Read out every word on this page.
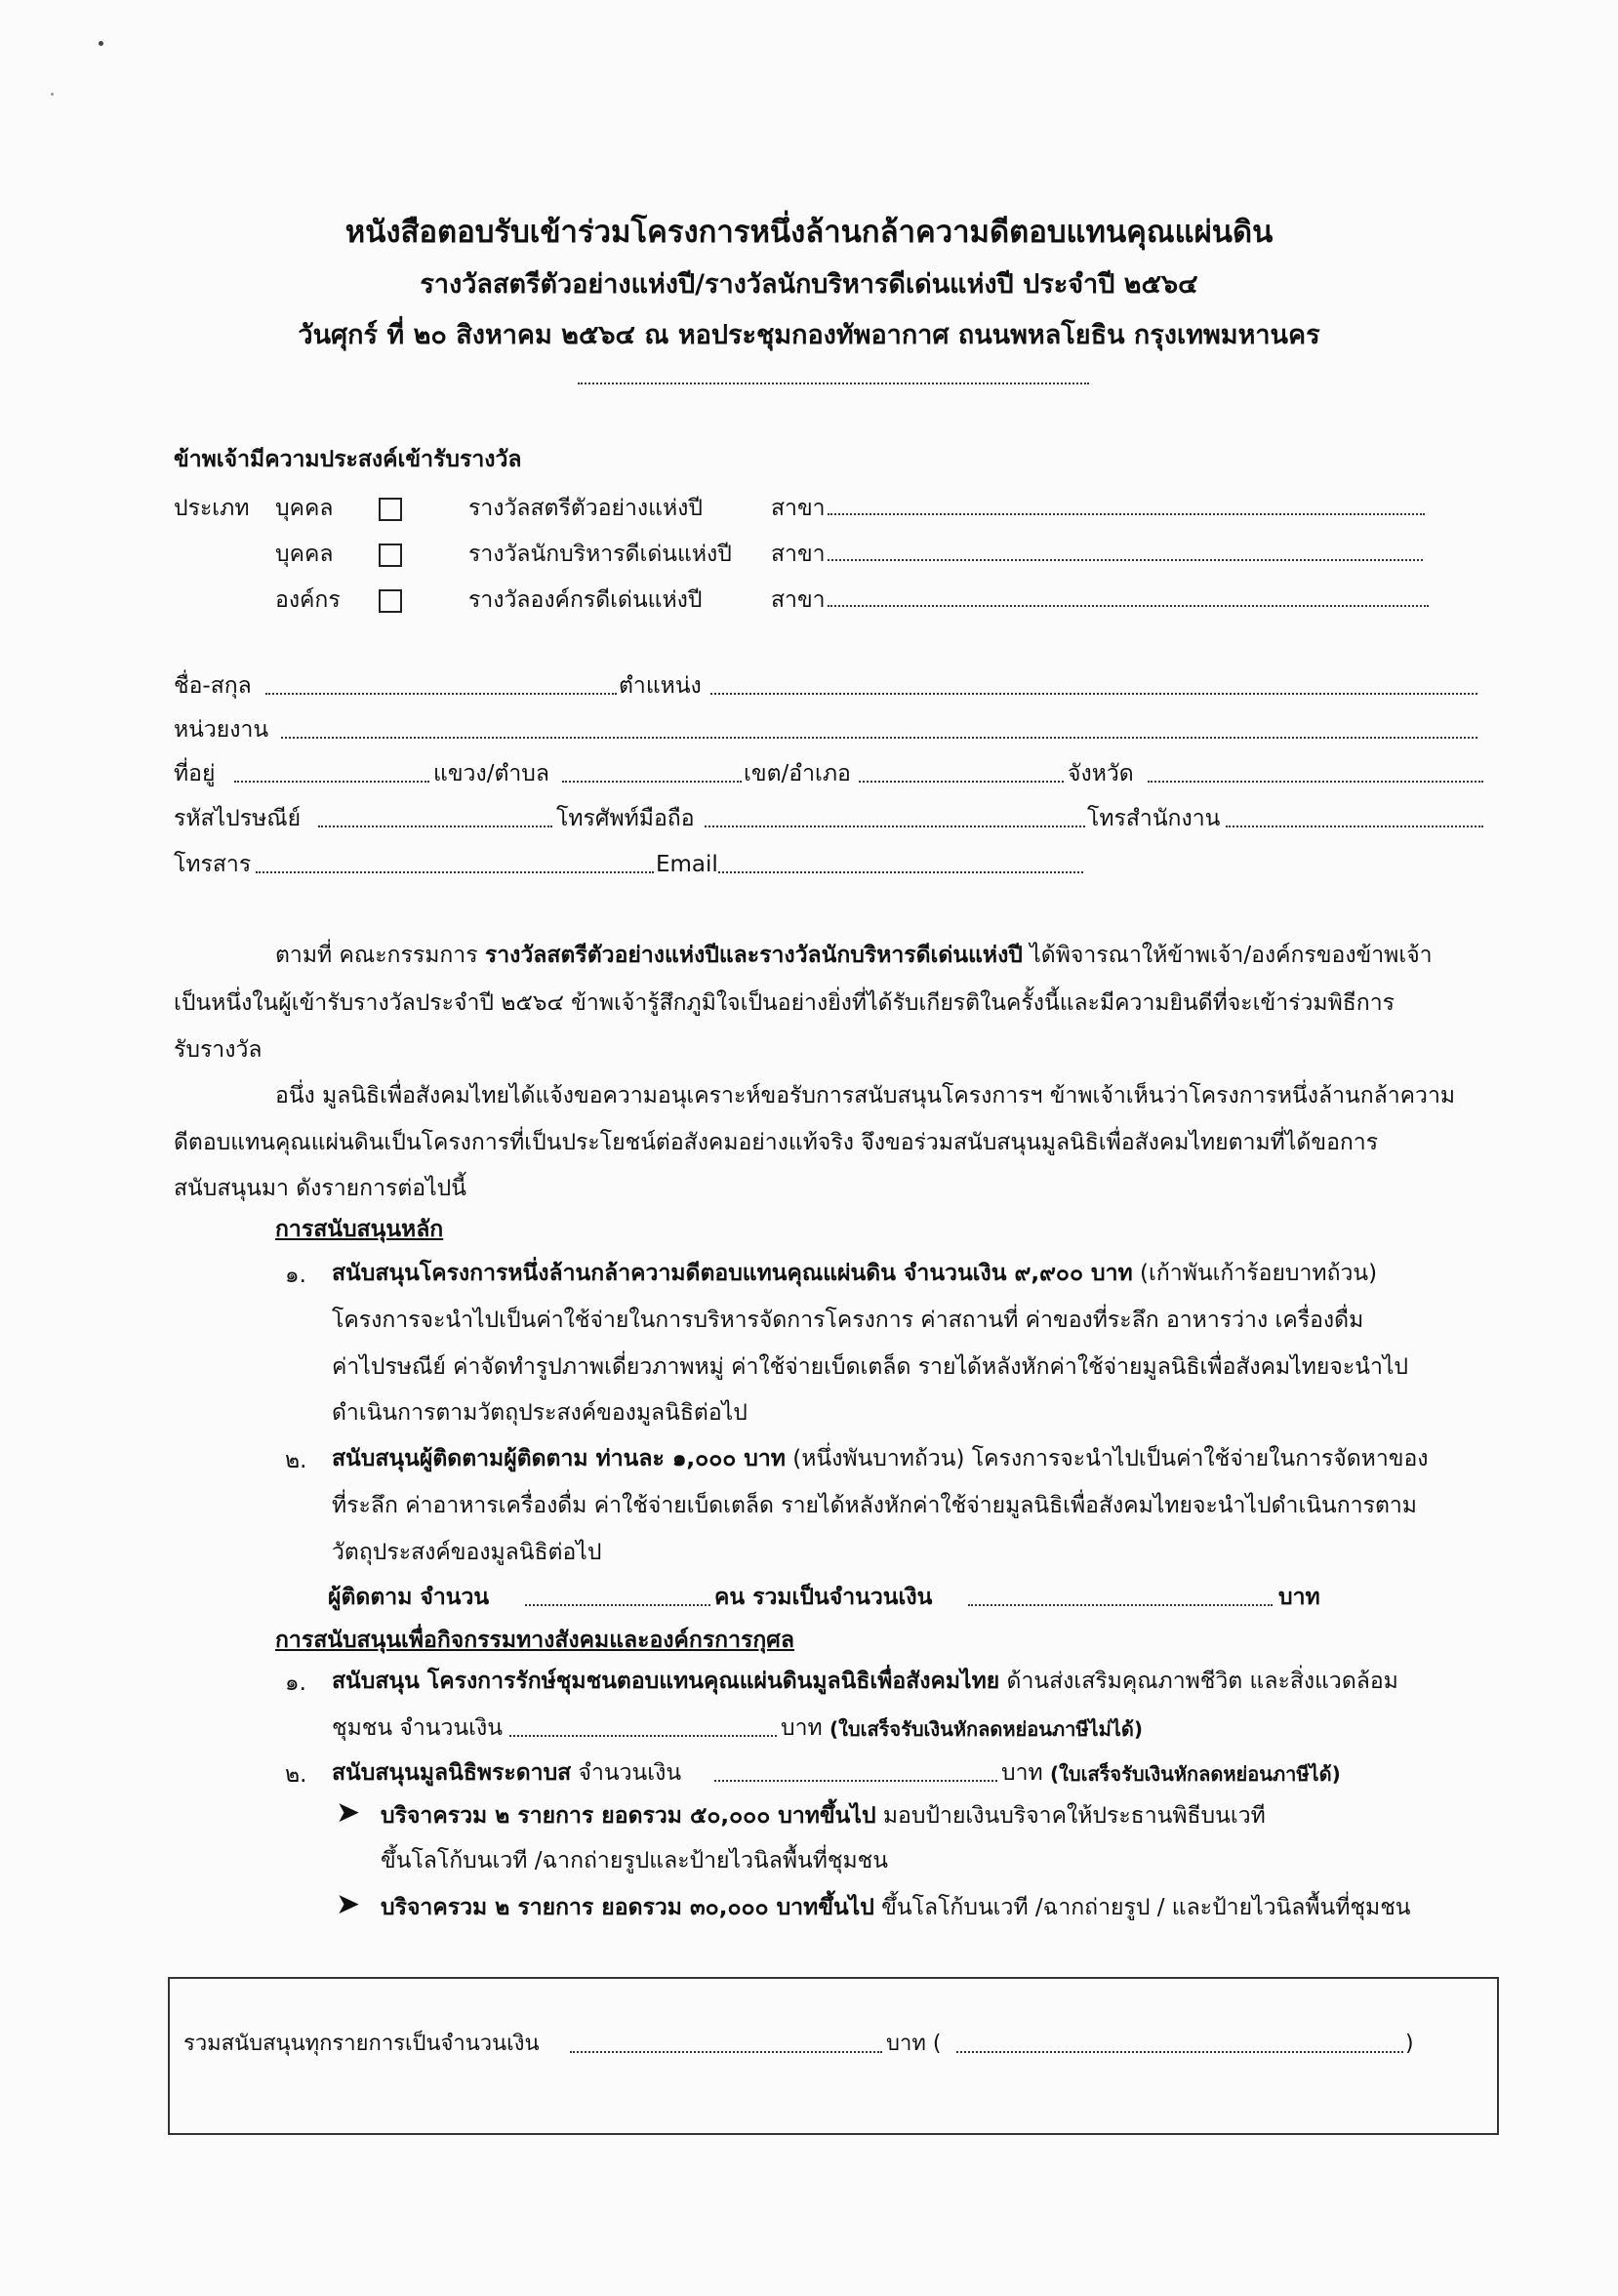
หนังสือตอบรับเข้าร่วมโครงการหนึ่งล้านกล้าความดีตอบแทนคุณแผ่นดิน
รางวัลสตรีตัวอย่างแห่งปี/รางวัลนักบริหารดีเด่นแห่งปี ประจำปี ๒๕๖๔
วันศุกร์ ที่ ๒๐ สิงหาคม ๒๕๖๔ ณ หอประชุมกองทัพอากาศ ถนนพหลโยธิน กรุงเทพมหานคร
ข้าพเจ้ามีความประสงค์เข้ารับรางวัล
ประเภท บุคคล	รางวัลสตรีตัวอย่างแห่งปี	สาขา
บุคคล	รางวัลนักบริหารดีเด่นแห่งปี สาขา
องค์กร	รางวัลองค์กรดีเด่นแห่งปี	สาขา
ชื่อ-สกุล	ตำแหน่ง
หน่วยงาน
ที่อยู่	แขวง/ตำบล	เขต/อำเภอ	จังหวัด
รหัสไปรษณีย์	โทรศัพท์มือถือ	โทรสำนักงาน
โทรสาร	Email
ตามที่ คณะกรรมการ รางวัลสตรีตัวอย่างแห่งปีและรางวัลนักบริหารดีเด่นแห่งปี ได้พิจารณาให้ข้าพเจ้า/องค์กรของข้าพเจ้า
เป็นหนึ่งในผู้เข้ารับรางวัลประจำปี ๒๕๖๔ ข้าพเจ้ารู้สึกภูมิใจเป็นอย่างยิ่งที่ได้รับเกียรติในครั้งนี้และมีความยินดีที่จะเข้าร่วมพิธีการ
รับรางวัล
อนึ่ง มูลนิธิเพื่อสังคมไทยได้แจ้งขอความอนุเคราะห์ขอรับการสนับสนุนโครงการฯ ข้าพเจ้าเห็นว่าโครงการหนึ่งล้านกล้าความ
ดีตอบแทนคุณแผ่นดินเป็นโครงการที่เป็นประโยชน์ต่อสังคมอย่างแท้จริง จึงขอร่วมสนับสนุนมูลนิธิเพื่อสังคมไทยตามที่ได้ขอการ
สนับสนุนมา ดังรายการต่อไปนี้
การสนับสนุนหลัก
๑. สนับสนุนโครงการหนึ่งล้านกล้าความดีตอบแทนคุณแผ่นดิน จำนวนเงิน ๙,๙๐๐ บาท (เก้าพันเก้าร้อยบาทถ้วน)
โครงการจะนำไปเป็นค่าใช้จ่ายในการบริหารจัดการโครงการ ค่าสถานที่ ค่าของที่ระลึก อาหารว่าง เครื่องดื่ม
ค่าไปรษณีย์ ค่าจัดทำรูปภาพเดี่ยวภาพหมู่ ค่าใช้จ่ายเบ็ดเตล็ด รายได้หลังหักค่าใช้จ่ายมูลนิธิเพื่อสังคมไทยจะนำไป
ดำเนินการตามวัตถุประสงค์ของมูลนิธิต่อไป
๒. สนับสนุนผู้ติดตามผู้ติดตาม ท่านละ ๑,๐๐๐ บาท (หนึ่งพันบาทถ้วน) โครงการจะนำไปเป็นค่าใช้จ่ายในการจัดหาของ
ที่ระลึก ค่าอาหารเครื่องดื่ม ค่าใช้จ่ายเบ็ดเตล็ด รายได้หลังหักค่าใช้จ่ายมูลนิธิเพื่อสังคมไทยจะนำไปดำเนินการตาม
วัตถุประสงค์ของมูลนิธิต่อไป
ผู้ติดตาม จำนวน	คน รวมเป็นจำนวนเงิน	บาท
การสนับสนุนเพื่อกิจกรรมทางสังคมและองค์กรการกุศล
๑. สนับสนุน โครงการรักษ์ชุมชนตอบแทนคุณแผ่นดินมูลนิธิเพื่อสังคมไทย ด้านส่งเสริมคุณภาพชีวิต และสิ่งแวดล้อม
ชุมชน จำนวนเงิน	บาท (ใบเสร็จรับเงินหักลดหย่อนภาษีไม่ได้)
๒. สนับสนุนมูลนิธิพระดาบส จำนวนเงิน	บาท (ใบเสร็จรับเงินหักลดหย่อนภาษีได้)
➤ บริจาครวม ๒ รายการ ยอดรวม ๕๐,๐๐๐ บาทขึ้นไป มอบป้ายเงินบริจาคให้ประธานพิธีบนเวที
ขึ้นโลโก้บนเวที /ฉากถ่ายรูปและป้ายไวนิลพื้นที่ชุมชน
➤ บริจาครวม ๒ รายการ ยอดรวม ๓๐,๐๐๐ บาทขึ้นไป ขึ้นโลโก้บนเวที /ฉากถ่ายรูป / และป้ายไวนิลพื้นที่ชุมชน
รวมสนับสนุนทุกรายการเป็นจำนวนเงิน	บาท (	)
